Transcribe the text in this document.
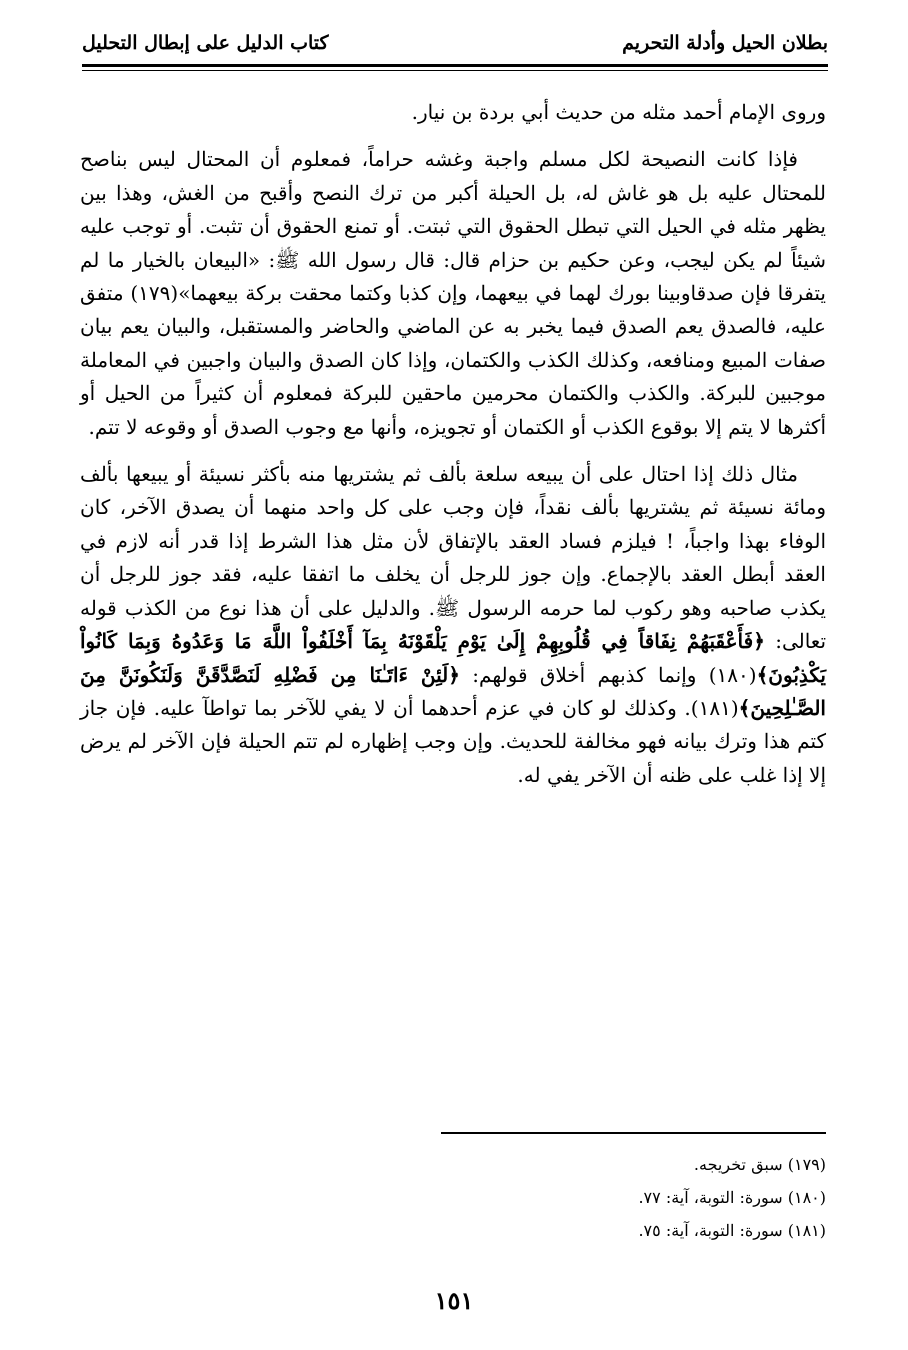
بطلان الحيل وأدلة التحريم
كتاب الدليل على إبطال التحليل

وروى الإمام أحمد مثله من حديث أبي بردة بن نيار.

فإذا كانت النصيحة لكل مسلم واجبة وغشه حراماً، فمعلوم أن المحتال ليس بناصح للمحتال عليه بل هو غاش له، بل الحيلة أكبر من ترك النصح وأقبح من الغش، وهذا بين يظهر مثله في الحيل التي تبطل الحقوق التي ثبتت. أو تمنع الحقوق أن تثبت. أو توجب عليه شيئاً لم يكن ليجب، وعن حكيم بن حزام قال: قال رسول الله ﷺ: «البيعان بالخيار ما لم يتفرقا فإن صدقاوبينا بورك لهما في بيعهما، وإن كذبا وكتما محقت بركة بيعهما»(١٧٩) متفق عليه، فالصدق يعم الصدق فيما يخبر به عن الماضي والحاضر والمستقبل، والبيان يعم بيان صفات المبيع ومنافعه، وكذلك الكذب والكتمان، وإذا كان الصدق والبيان واجبين في المعاملة موجبين للبركة. والكذب والكتمان محرمين ماحقين للبركة فمعلوم أن كثيراً من الحيل أو أكثرها لا يتم إلا بوقوع الكذب أو الكتمان أو تجويزه، وأنها مع وجوب الصدق أو وقوعه لا تتم.

مثال ذلك إذا احتال على أن يبيعه سلعة بألف ثم يشتريها منه بأكثر نسيئة أو يبيعها بألف ومائة نسيئة ثم يشتريها بألف نقداً، فإن وجب على كل واحد منهما أن يصدق الآخر، كان الوفاء بهذا واجباً، ! فيلزم فساد العقد بالإتفاق لأن مثل هذا الشرط إذا قدر أنه لازم في العقد أبطل العقد بالإجماع. وإن جوز للرجل أن يخلف ما اتفقا عليه، فقد جوز للرجل أن يكذب صاحبه وهو ركوب لما حرمه الرسول ﷺ. والدليل على أن هذا نوع من الكذب قوله تعالى: ﴿فَأَعْقَبَهُمْ نِفَاقاً فِي قُلُوبِهِمْ إِلَىٰ يَوْمِ يَلْقَوْنَهُ بِمَآ أَخْلَفُواْ اللَّهَ مَا وَعَدُوهُ وَبِمَا كَانُواْ يَكْذِبُونَ﴾(١٨٠) وإنما كذبهم أخلاق قولهم: ﴿لَئِنْ ءَاتَـٰنَا مِن فَضْلِهِ لَنَصَّدَّقَنَّ وَلَنَكُونَنَّ مِنَ الصَّـٰلِحِينَ﴾(١٨١). وكذلك لو كان في عزم أحدهما أن لا يفي للآخر بما تواطآ عليه. فإن جاز كتم هذا وترك بيانه فهو مخالفة للحديث. وإن وجب إظهاره لم تتم الحيلة فإن الآخر لم يرض إلا إذا غلب على ظنه أن الآخر يفي له.

(١٧٩) سبق تخريجه.
(١٨٠) سورة: التوبة، آية: ٧٧.
(١٨١) سورة: التوبة، آية: ٧٥.
١٥١
